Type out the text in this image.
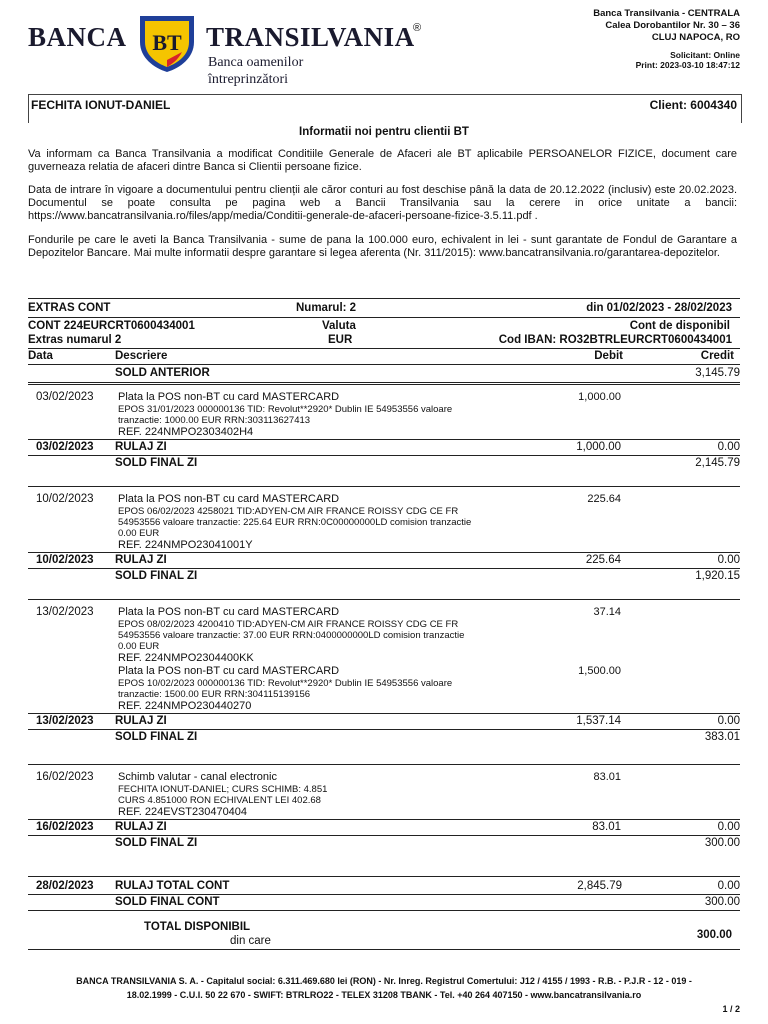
BANCA BT TRANSILVANIA
®
Banca oamenilor
întreprinzători
Banca Transilvania - CENTRALA
Calea Dorobantilor Nr. 30 – 36
CLUJ NAPOCA, RO
Solicitant: Online
Print: 2023-03-10 18:47:12
FECHITA IONUT-DANIEL	Client: 6004340
Informatii noi pentru clientii BT
Va informam ca Banca Transilvania a modificat Conditiile Generale de Afaceri ale BT aplicabile PERSOANELOR FIZICE, document care guverneaza relatia de afaceri dintre Banca si Clientii persoane fizice.
Data de intrare în vigoare a documentului pentru clienții ale căror conturi au fost deschise până la data de 20.12.2022 (inclusiv) este 20.02.2023. Documentul se poate consulta pe pagina web a Bancii Transilvania sau la cerere in orice unitate a bancii: https://www.bancatransilvania.ro/files/app/media/Conditii-generale-de-afaceri-persoane-fizice-3.5.11.pdf .
Fondurile pe care le aveti la Banca Transilvania - sume de pana la 100.000 euro, echivalent in lei - sunt garantate de Fondul de Garantare a Depozitelor Bancare. Mai multe informatii despre garantare si legea aferenta (Nr. 311/2015): www.bancatransilvania.ro/garantarea-depozitelor.
EXTRAS CONT	Numarul: 2	din 01/02/2023 - 28/02/2023
CONT 224EURCRT0600434001	Valuta	Cont de disponibil
Extras numarul 2	EUR	Cod IBAN: RO32BTRLEURCRT0600434001
Data	Descriere	Debit	Credit
SOLD ANTERIOR	3,145.79
03/02/2023 Plata la POS non-BT cu card MASTERCARD	1,000.00
EPOS 31/01/2023 000000136 TID: Revolut**2920* Dublin IE 54953556 valoare
tranzactie: 1000.00 EUR RRN:303113627413
REF. 224NMPO2303402H4
03/02/2023 RULAJ ZI	1,000.00	0.00
SOLD FINAL ZI	2,145.79
10/02/2023 Plata la POS non-BT cu card MASTERCARD	225.64
EPOS 06/02/2023 4258021 TID:ADYEN-CM AIR FRANCE ROISSY CDG CE FR
54953556 valoare tranzactie: 225.64 EUR RRN:0C00000000LD comision tranzactie
0.00 EUR
REF. 224NMPO23041001Y
10/02/2023 RULAJ ZI	225.64	0.00
SOLD FINAL ZI	1,920.15
13/02/2023 Plata la POS non-BT cu card MASTERCARD	37.14
EPOS 08/02/2023 4200410 TID:ADYEN-CM AIR FRANCE ROISSY CDG CE FR
54953556 valoare tranzactie: 37.00 EUR RRN:0400000000LD comision tranzactie
0.00 EUR
REF. 224NMPO2304400KK
Plata la POS non-BT cu card MASTERCARD	1,500.00
EPOS 10/02/2023 000000136 TID: Revolut**2920* Dublin IE 54953556 valoare
tranzactie: 1500.00 EUR RRN:304115139156
REF. 224NMPO230440270
13/02/2023 RULAJ ZI	1,537.14	0.00
SOLD FINAL ZI	383.01
16/02/2023 Schimb valutar - canal electronic	83.01
FECHITA IONUT-DANIEL; CURS SCHIMB: 4.851
CURS 4.851000 RON ECHIVALENT LEI 402.68
REF. 224EVST230470404
16/02/2023 RULAJ ZI	83.01	0.00
SOLD FINAL ZI	300.00
28/02/2023 RULAJ TOTAL CONT	2,845.79	0.00
SOLD FINAL CONT	300.00
TOTAL DISPONIBIL
din care	300.00
BANCA TRANSILVANIA S. A. - Capitalul social: 6.311.469.680 lei (RON) - Nr. Inreg. Registrul Comertului: J12 / 4155 / 1993 - R.B. - P.J.R - 12 - 019 -
18.02.1999 - C.U.I. 50 22 670 - SWIFT: BTRLRO22 - TELEX 31208 TBANK - Tel. +40 264 407150 - www.bancatransilvania.ro
1 / 2
